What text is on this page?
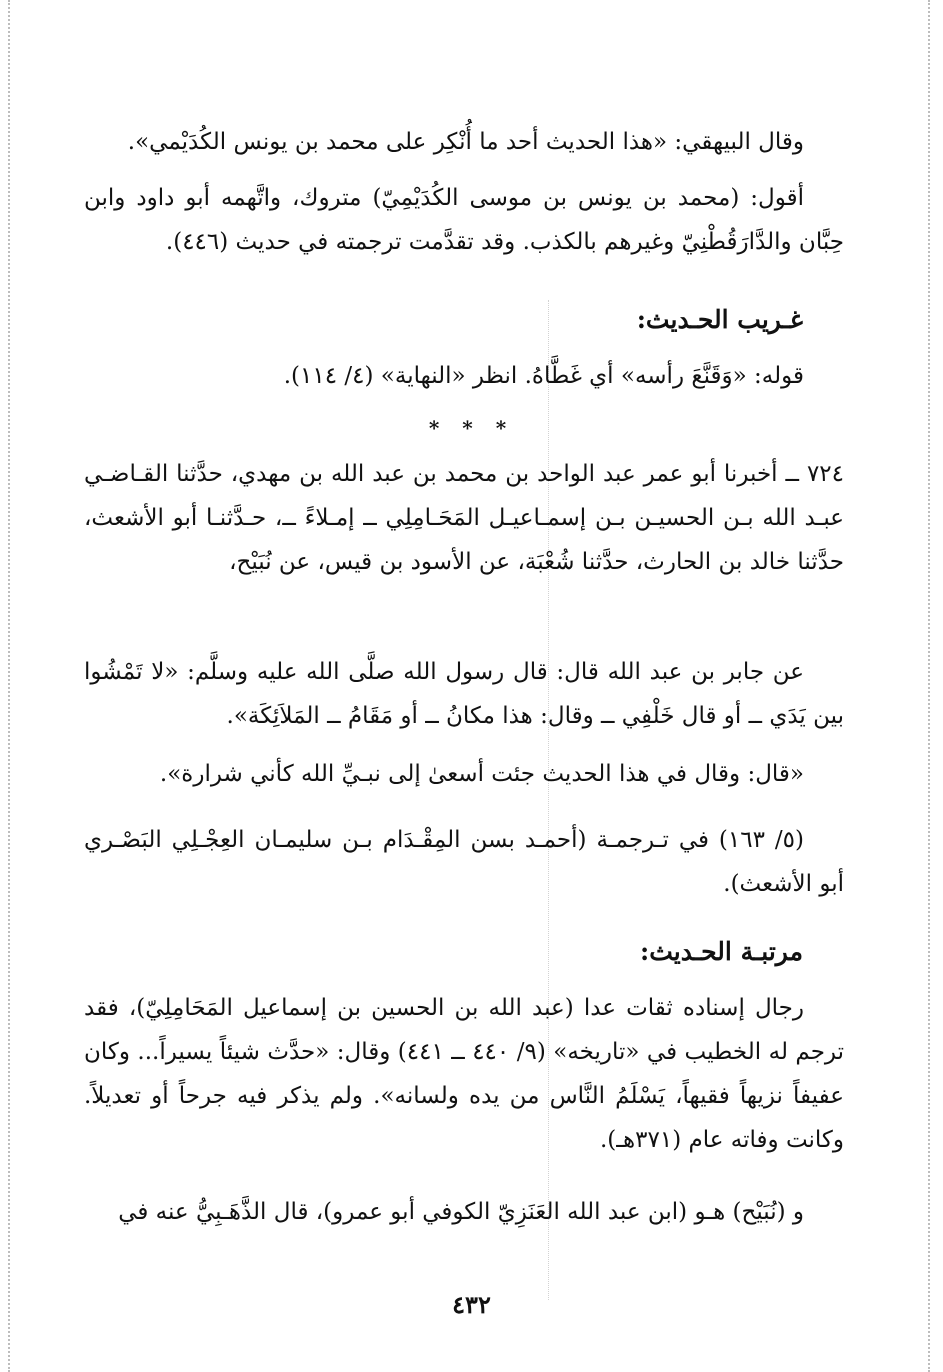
وقال البيهقي: «هذا الحديث أحد ما أُنْكِر على محمد بن يونس الكُدَيْمي».

أقول: (محمد بن يونس بن موسى الكُدَيْمِيّ) متروك، واتَّهمه أبو داود وابن حِبَّان والدَّارَقُطْنِيّ وغيرهم بالكذب. وقد تقدَّمت ترجمته في حديث (٤٤٦).

غـريب الحـديث:

قوله: «وَقَنَّعَ رأسه» أي غَطَّاهُ. انظر «النهاية» (٤/ ١١٤).

* * *

٧٢٤ ــ أخبرنا أبو عمر عبد الواحد بن محمد بن عبد الله بن مهدي، حدَّثنا القـاضـي عبـد الله بـن الحسيـن بـن إسمـاعيـل المَحَـامِلِي ــ إمـلاءً ــ، حـدَّثنـا أبو الأشعث، حدَّثنا خالد بن الحارث، حدَّثنا شُعْبَة، عن الأسود بن قيس، عن نُبَيْح،

عن جابر بن عبد الله قال: قال رسول الله صلَّى الله عليه وسلَّم: «لا تَمْشُوا بين يَدَي ــ أو قال خَلْفِي ــ وقال: هذا مكانُ ــ أو مَقَامُ ــ المَلاَئِكَة».

«قال: وقال في هذا الحديث جئت أسعىٰ إلى نبـيِّ الله كأني شرارة».

(٥/ ١٦٣) في تـرجمـة (أحمـد بسن المِقْـدَام بـن سليمـان العِجْـلِي البَصْـري أبو الأشعث).

مرتبـة الحـديث:

رجال إسناده ثقات عدا (عبد الله بن الحسين بن إسماعيل المَحَامِلِيّ)، فقد ترجم له الخطيب في «تاريخه» (٩/ ٤٤٠ ــ ٤٤١) وقال: «حدَّث شيئاً يسيراً... وكان عفيفاً نزيهاً فقيهاً، يَسْلَمُ النَّاس من يده ولسانه». ولم يذكر فيه جرحاً أو تعديلاً. وكانت وفاته عام (٣٧١هـ).

و (نُبَيْح) هـو (ابن عبد الله العَنَزِيّ الكوفي أبو عمرو)، قال الذَّهَـبِيُّ عنه في

٤٣٢
